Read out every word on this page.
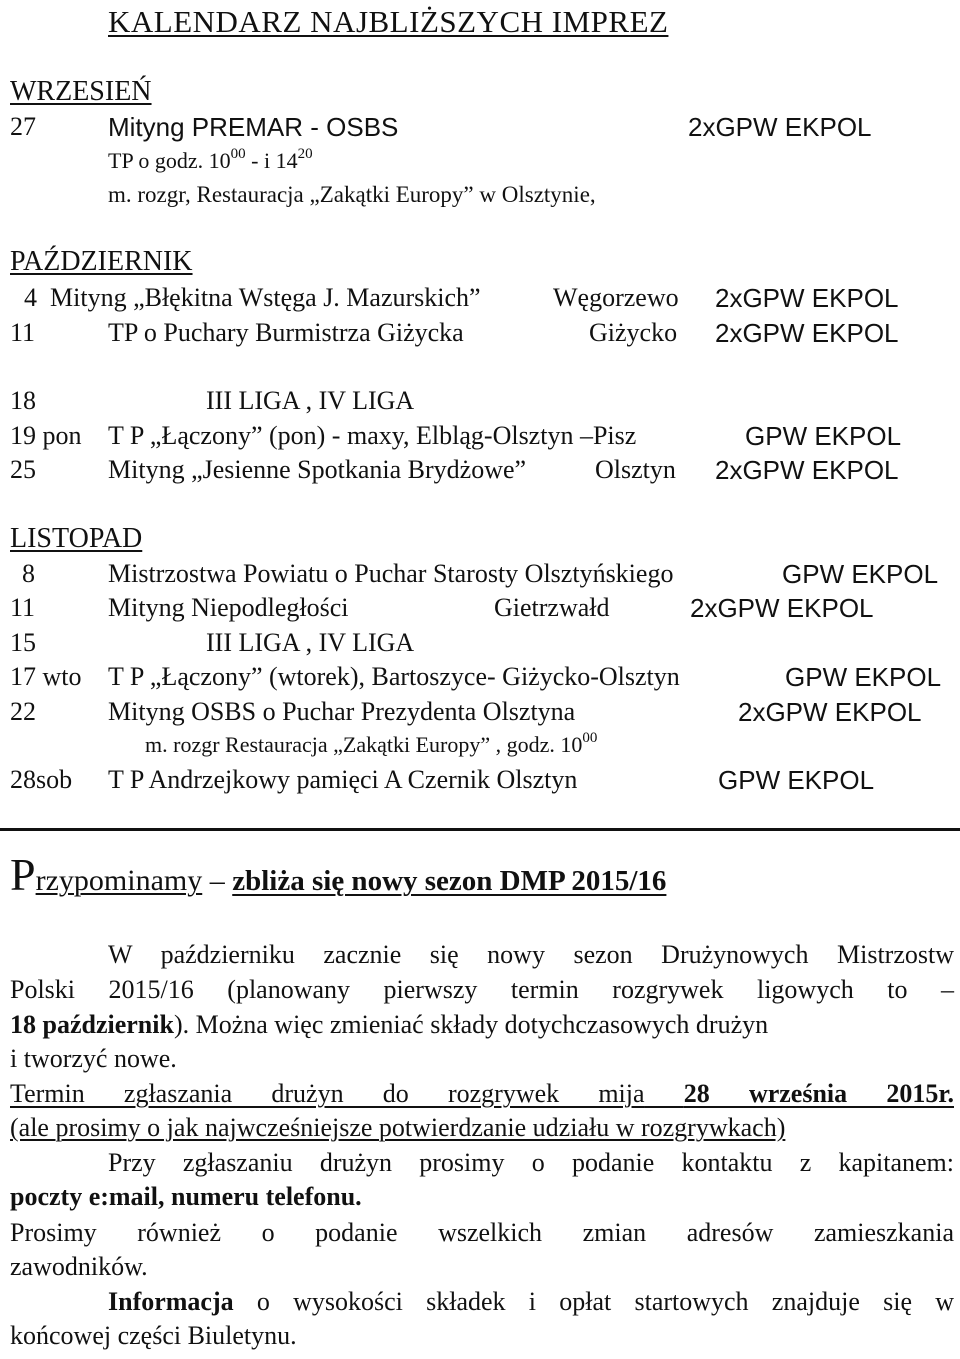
KALENDARZ NAJBLIŻSZYCH IMPREZ
WRZESIEŃ
27	Mityng PREMAR - OSBS	2xGPW EKPOL
TP o godz. $10^{00}$ - i $14^{20}$
m. rozgr, Restauracja „Zakątki Europy” w Olsztynie,
PAŹDZIERNIK
4 Mityng „Błękitna Wstęga J. Mazurskich”	Węgorzewo 2xGPW EKPOL
11	TP o Puchary Burmistrza Giżycka	Giżycko 2xGPW EKPOL
18	III LIGA , IV LIGA
19 pon T P „Łączony” (pon) - maxy, Elbląg-Olsztyn –Pisz	GPW EKPOL
25	Mityng „Jesienne Spotkania Brydżowe”	Olsztyn 2xGPW EKPOL
LISTOPAD
8	Mistrzostwa Powiatu o Puchar Starosty Olsztyńskiego	GPW EKPOL
11	Mityng Niepodległości	Gietrzwałd	2xGPW EKPOL
15	III LIGA , IV LIGA
17 wto T P „Łączony” (wtorek), Bartoszyce- Giżycko-Olsztyn	GPW EKPOL
22	Mityng OSBS o Puchar Prezydenta Olsztyna	2xGPW EKPOL
m. rozgr Restauracja „Zakątki Europy” , godz. $10^{00}$
28sob T P Andrzejkowy pamięci A Czernik Olsztyn	GPW EKPOL
Przypominamy – zbliża się nowy sezon DMP 2015/16
W październiku zacznie się nowy sezon Drużynowych Mistrzostw
Polski 2015/16 (planowany pierwszy termin rozgrywek ligowych to –
18 październik). Można więc zmieniać składy dotychczasowych drużyn
i tworzyć nowe.
Termin zgłaszania drużyn do rozgrywek mija 28 września 2015r.
(ale prosimy o jak najwcześniejsze potwierdzanie udziału w rozgrywkach)
Przy zgłaszaniu drużyn prosimy o podanie kontaktu z kapitanem:
poczty e:mail, numeru telefonu.
Prosimy również o podanie wszelkich zmian adresów zamieszkania
zawodników.
Informacja o wysokości składek i opłat startowych znajduje się w
końcowej części Biuletynu.
